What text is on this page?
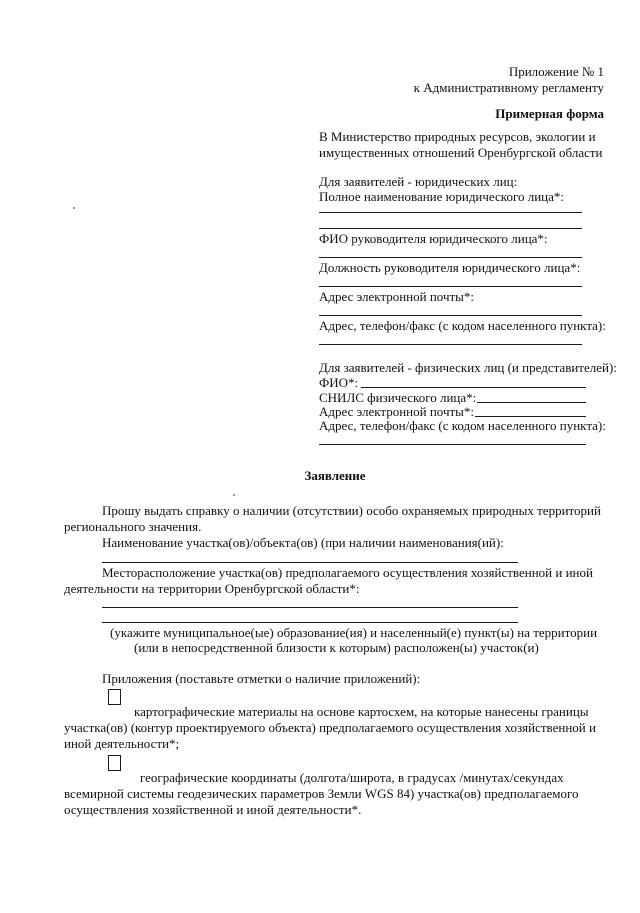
Приложение № 1
к Административному регламенту
Примерная форма
В Министерство природных ресурсов, экологии и
имущественных отношений Оренбургской области
Для заявителей - юридических лиц:
Полное наименование юридического лица*:
ФИО руководителя юридического лица*:
Должность руководителя юридического лица*:
Адрес электронной почты*:
Адрес, телефон/факс (с кодом населенного пункта):
Для заявителей - физических лиц (и представителей):
ФИО*:
СНИЛС физического лица*:
Адрес электронной почты*:
Адрес, телефон/факс (с кодом населенного пункта):
Заявление
Прошу выдать справку о наличии (отсутствии) особо охраняемых природных территорий
регионального значения.
Наименование участка(ов)/объекта(ов) (при наличии наименования(ий):
Месторасположение участка(ов) предполагаемого осуществления хозяйственной и иной
деятельности на территории Оренбургской области*:
(укажите муниципальное(ые) образование(ия) и населенный(е) пункт(ы) на территории
(или в непосредственной близости к которым) расположен(ы) участок(и)
Приложения (поставьте отметки о наличие приложений):
картографические материалы на основе картосхем, на которые нанесены границы
участка(ов) (контур проектируемого объекта) предполагаемого осуществления хозяйственной и
иной деятельности*;
географические координаты (долгота/широта, в градусах /минутах/секундах
всемирной системы геодезических параметров Земли WGS 84) участка(ов) предполагаемого
осуществления хозяйственной и иной деятельности*.
